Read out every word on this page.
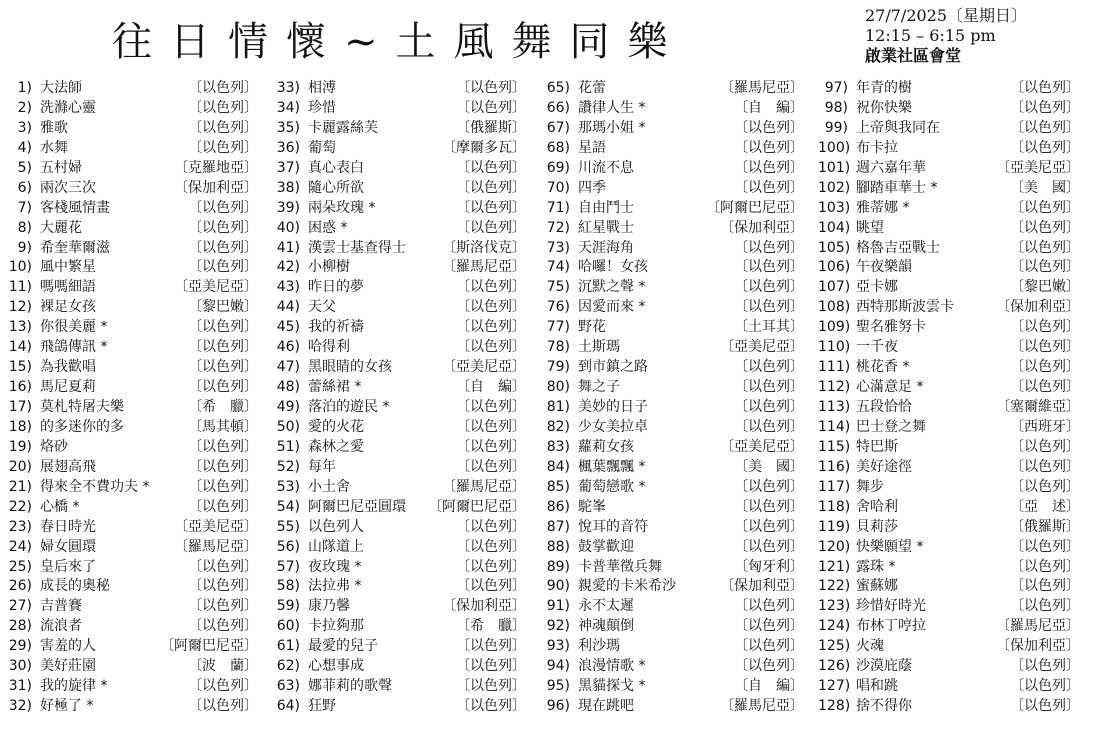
往日情懷~土風舞同樂
27/7/2025〔星期日〕
12:15 – 6:15 pm
啟業社區會堂
1) 大法師	〔以色列〕
2) 洗滌心靈	〔以色列〕
3) 雅歌	〔以色列〕
4) 水舞	〔以色列〕
5) 五村婦	〔克羅地亞〕
6) 兩次三次	〔保加利亞〕
7) 客棧風情畫	〔以色列〕
8) 大麗花	〔以色列〕
9) 希奎華爾滋	〔以色列〕
10) 風中繁星	〔以色列〕
11) 嗎嗎細語	〔亞美尼亞〕
12) 裸足女孩	〔黎巴嫩〕
13) 你很美麗 *	〔以色列〕
14) 飛鴿傳訊 *	〔以色列〕
15) 為我歡唱	〔以色列〕
16) 馬尼夏莉	〔以色列〕
17) 莫札特屠夫樂	〔希　臘〕
18) 的多迷你的多	〔馬其頓〕
19) 烙砂	〔以色列〕
20) 展翅高飛	〔以色列〕
21) 得來全不費功夫 *	〔以色列〕
22) 心橋 *	〔以色列〕
23) 春日時光	〔亞美尼亞〕
24) 婦女圓環	〔羅馬尼亞〕
25) 皇后來了	〔以色列〕
26) 成長的奧秘	〔以色列〕
27) 吉普賽	〔以色列〕
28) 流浪者	〔以色列〕
29) 害羞的人	〔阿爾巴尼亞〕
30) 美好莊園	〔波　蘭〕
31) 我的旋律 *	〔以色列〕
32) 好極了 *	〔以色列〕
33) 相溥	〔以色列〕
34) 珍惜	〔以色列〕
35) 卡麗露絲芙	〔俄羅斯〕
36) 葡萄	〔摩爾多瓦〕
37) 真心表白	〔以色列〕
38) 隨心所欲	〔以色列〕
39) 兩朵玫瑰 *	〔以色列〕
40) 困惑 *	〔以色列〕
41) 漢雲士基查得士	〔斯洛伐克〕
42) 小柳樹	〔羅馬尼亞〕
43) 昨日的夢	〔以色列〕
44) 天父	〔以色列〕
45) 我的祈禱	〔以色列〕
46) 哈得利	〔以色列〕
47) 黑眼睛的女孩	〔亞美尼亞〕
48) 蕾絲裙 *	〔自　編〕
49) 落泊的遊民 *	〔以色列〕
50) 愛的火花	〔以色列〕
51) 森林之愛	〔以色列〕
52) 每年	〔以色列〕
53) 小土舍	〔羅馬尼亞〕
54) 阿爾巴尼亞圓環 〔阿爾巴尼亞〕
55) 以色列人	〔以色列〕
56) 山隊道上	〔以色列〕
57) 夜玫瑰 *	〔以色列〕
58) 法拉弗 *	〔以色列〕
59) 康乃馨	〔保加利亞〕
60) 卡拉夠那	〔希　臘〕
61) 最愛的兒子	〔以色列〕
62) 心想事成	〔以色列〕
63) 娜菲莉的歌聲	〔以色列〕
64) 狂野	〔以色列〕
65) 花蕾	〔羅馬尼亞〕
66) 讚律人生 *	〔自　編〕
67) 那瑪小姐 *	〔以色列〕
68) 星語	〔以色列〕
69) 川流不息	〔以色列〕
70) 四季	〔以色列〕
71) 自由鬥士	〔阿爾巴尼亞〕
72) 紅星戰士	〔保加利亞〕
73) 天涯海角	〔以色列〕
74) 哈囉！女孩	〔以色列〕
75) 沉默之聲 *	〔以色列〕
76) 因愛而來 *	〔以色列〕
77) 野花	〔土耳其〕
78) 土斯瑪	〔亞美尼亞〕
79) 到市鎮之路	〔以色列〕
80) 舞之子	〔以色列〕
81) 美妙的日子	〔以色列〕
82) 少女美拉卓	〔以色列〕
83) 蘿莉女孩	〔亞美尼亞〕
84) 楓葉飄飄 *	〔美　國〕
85) 葡萄戀歌 *	〔以色列〕
86) 駝峯	〔以色列〕
87) 悅耳的音符	〔以色列〕
88) 鼓掌歡迎	〔以色列〕
89) 卡普華徵兵舞	〔匈牙利〕
90) 親愛的卡米希沙	〔保加利亞〕
91) 永不太遲	〔以色列〕
92) 神魂顛倒	〔以色列〕
93) 利沙瑪	〔以色列〕
94) 浪漫情歌 *	〔以色列〕
95) 黑貓探戈 *	〔自　編〕
96) 現在跳吧	〔羅馬尼亞〕
97) 年青的樹	〔以色列〕
98) 祝你快樂	〔以色列〕
99) 上帝與我同在	〔以色列〕
100) 布卡拉	〔以色列〕
101) 週六嘉年華	〔亞美尼亞〕
102) 腳踏車華士 *	〔美　國〕
103) 雅蒂娜 *	〔以色列〕
104) 眺望	〔以色列〕
105) 格魯吉亞戰士	〔以色列〕
106) 午夜樂韻	〔以色列〕
107) 亞卡娜	〔黎巴嫩〕
108) 西特那斯波雲卡	〔保加利亞〕
109) 聖名雅努卡	〔以色列〕
110) 一千夜	〔以色列〕
111) 桃花香 *	〔以色列〕
112) 心滿意足 *	〔以色列〕
113) 五段恰恰	〔塞爾維亞〕
114) 巴士登之舞	〔西班牙〕
115) 特巴斯	〔以色列〕
116) 美好途徑	〔以色列〕
117) 舞步	〔以色列〕
118) 舍哈利	〔亞　述〕
119) 貝莉莎	〔俄羅斯〕
120) 快樂願望 *	〔以色列〕
121) 露珠 *	〔以色列〕
122) 蜜蘇娜	〔以色列〕
123) 珍惜好時光	〔以色列〕
124) 布林丁哼拉	〔羅馬尼亞〕
125) 火魂	〔保加利亞〕
126) 沙漠庇蔭	〔以色列〕
127) 唱和跳	〔以色列〕
128) 捨不得你	〔以色列〕
